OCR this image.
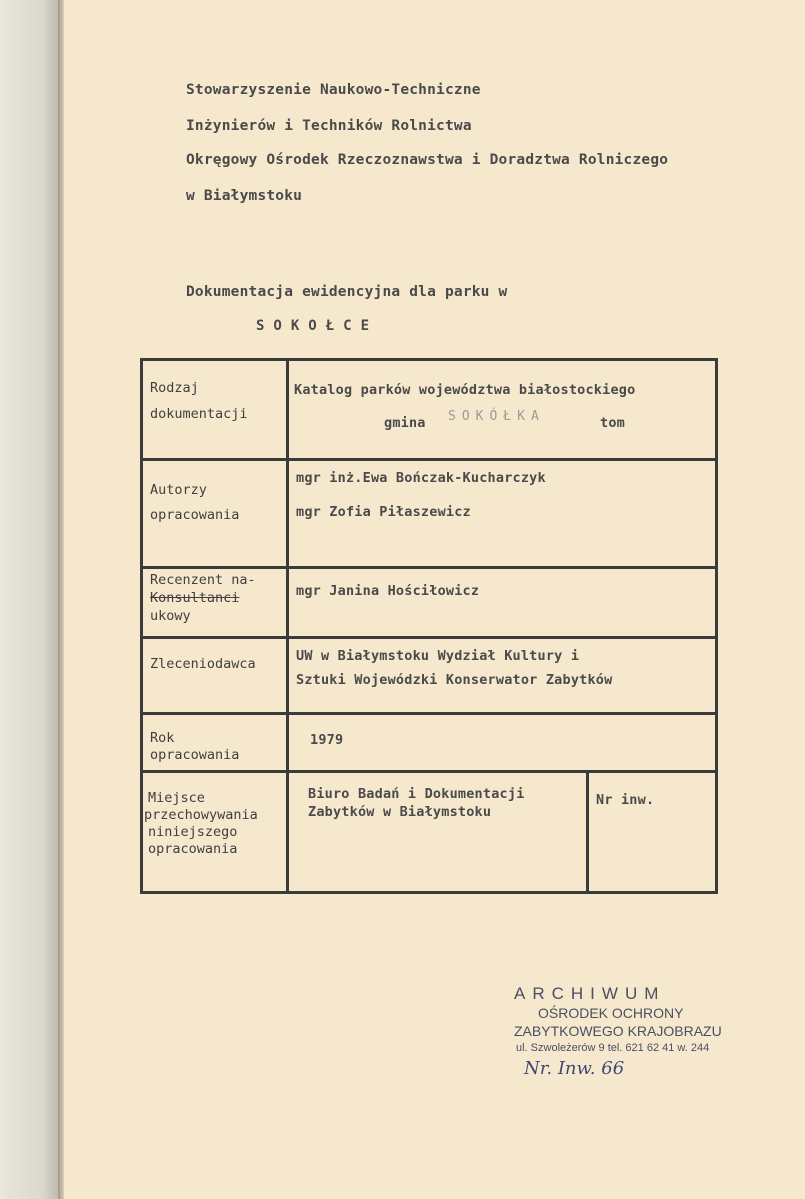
Stowarzyszenie Naukowo-Techniczne
Inżynierów i Techników Rolnictwa
Okręgowy Ośrodek Rzeczoznawstwa i Doradztwa Rolniczego
w Białymstoku
Dokumentacja ewidencyjna dla parku w
SOKOŁCE
Rodzaj
dokumentacji
Katalog parków województwa białostockiego
gmina SOKÓŁKA	tom
Autorzy
opracowania
mgr inż.Ewa Bończak-Kucharczyk
mgr Zofia Piłaszewicz
Recenzent na-
Konsultanci
ukowy
mgr Janina Hościłowicz
Zleceniodawca	UW w Białymstoku Wydział Kultury i
Sztuki Wojewódzki Konserwator Zabytków
Rok
opracowania
1979
Miejsce
przechowywania
niniejszego
opracowania
Biuro Badań i Dokumentacji
Zabytków w Białymstoku
Nr inw.
ARCHIWUM
OŚRODEK OCHRONY
ZABYTKOWEGO KRAJOBRAZU
ul. Szwoleżerów 9 tel. 621 62 41 w. 244
Nr. Inw. 66
